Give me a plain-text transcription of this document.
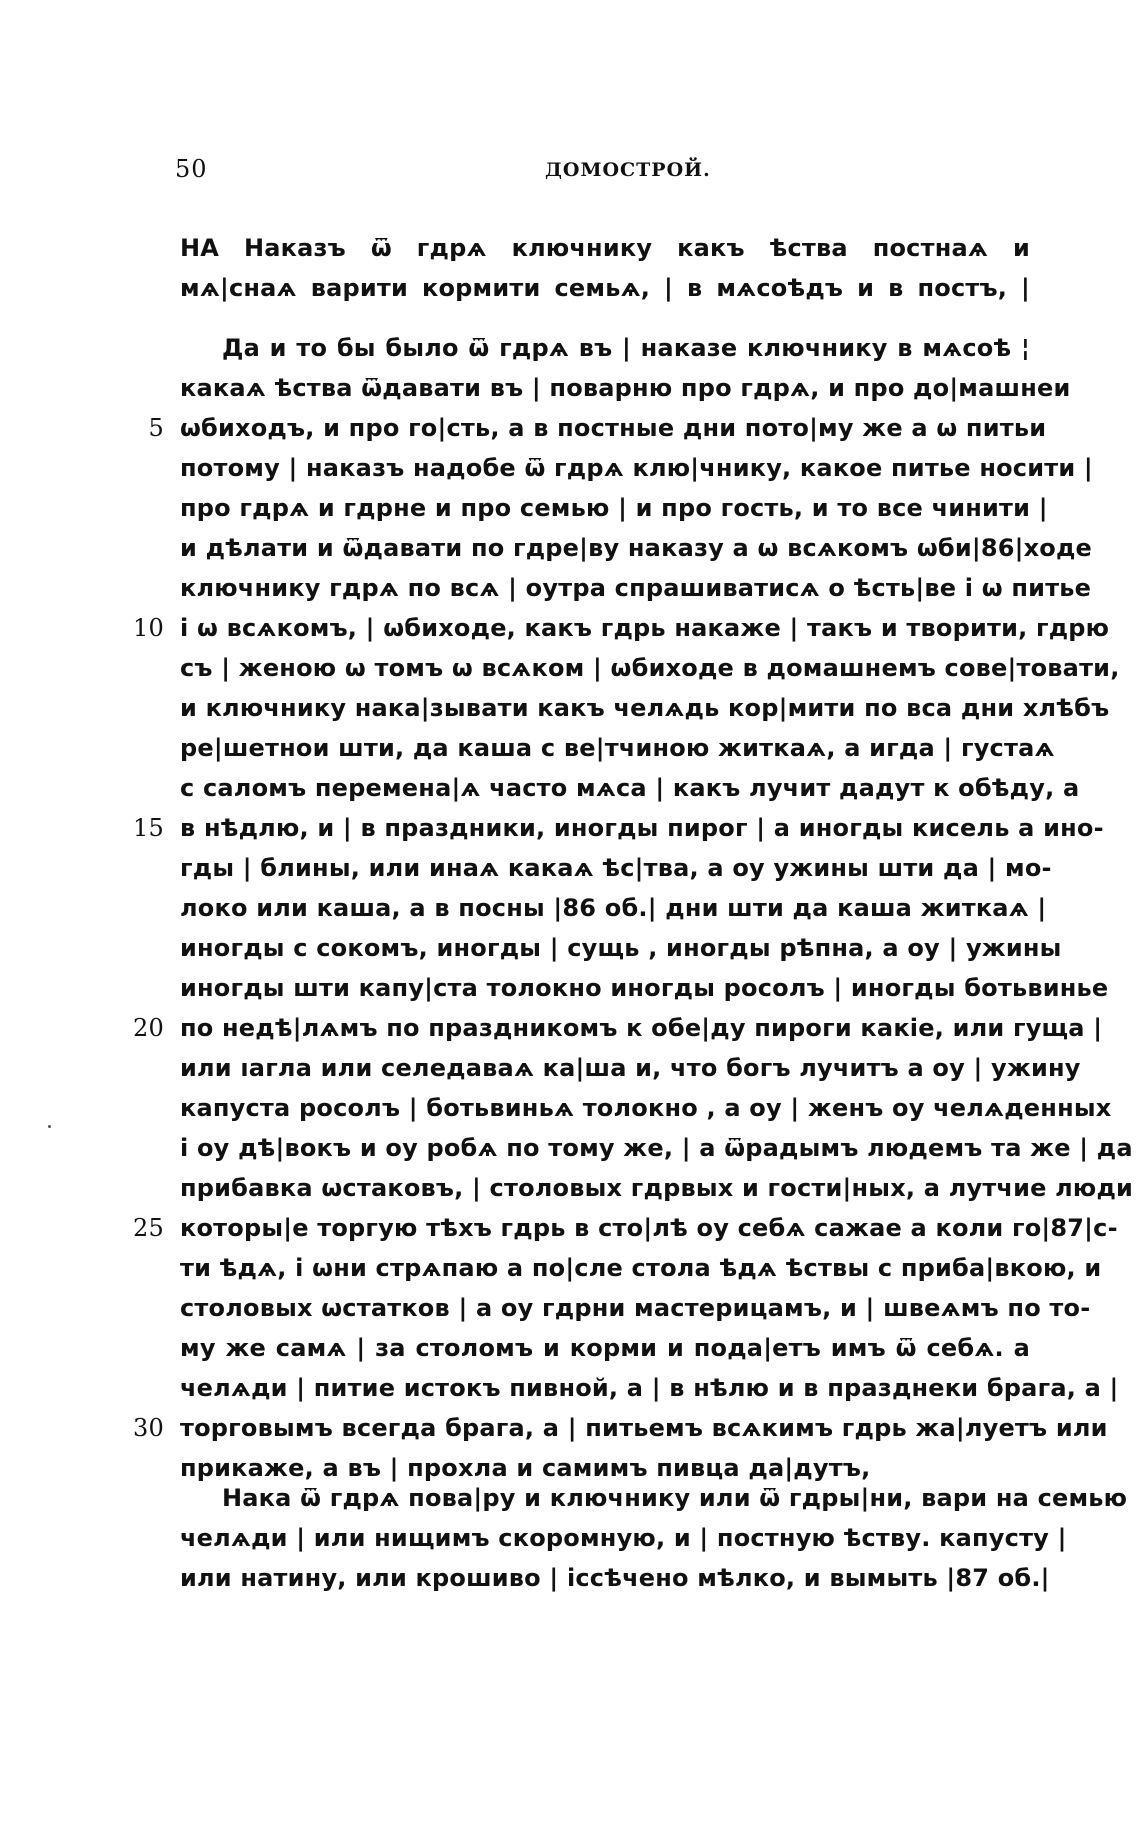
50	ДОМОСТРОЙ.
НА Наказъ ѿ гдрѧ ключнику какъ ѣства постнаѧ и
мѧ|снаѧ варити кормити семьѧ, | в мѧсоѣдъ и в постъ, |
Да и то бы было ѿ гдрѧ въ | наказе ключнику в мѧсоѣ ¦
какаѧ ѣства ѿдавати въ | поварню про гдрѧ, и про до|машнеи
5 ѡбиходъ, и про го|сть, а в постные дни пото|му же а ѡ питьи
потому | наказъ надобе ѿ гдрѧ клю|чнику, какое питье носити |
про гдрѧ и гдрне и про семью | и про гость, и то все чинити |
и дѣлати и ѿдавати по гдре|ву наказу а ѡ всѧкомъ ѡби|86|ходе
ключнику гдрѧ по всѧ | оутра спрашиватисѧ о ѣсть|ве i ѡ питье
10 i ѡ всѧкомъ, | ѡбиходе, какъ гдрь накаже | такъ и творити, гдрю
съ | женою ѡ томъ ѡ всѧком | ѡбиходе в домашнемъ сове|товати,
и ключнику нака|зывати какъ челѧдь кор|мити по вса дни хлѣбъ
ре|шетнои шти, да каша с ве|тчиною житкаѧ, а игда | густаѧ
с саломъ перемена|ѧ часто мѧса | какъ лучит дадут к обѣду, а
15 в нѣдлю, и | в праздники, иногды пирог | а иногды кисель а ино-
гды | блины, или инаѧ какаѧ ѣс|тва, а оу ужины шти да | мо-
локо или каша, а в посны |86 об.| дни шти да каша житкаѧ |
иногды с сокомъ, иногды | сущь , иногды рѣпна, а оу | ужины
иногды шти капу|ста толокно иногды росолъ | иногды ботьвинье
20 по недѣ|лѧмъ по праздникомъ к обе|ду пироги какіе, или гуща |
или ıагла или селедаваѧ ка|ша и, что богъ лучитъ а оу | ужину
капуста росолъ | ботьвиньѧ толокно , а оу | женъ оу челѧденных
i оу дѣ|вокъ и оу робѧ по тому же, | а ѿрадымъ людемъ та же | да
прибавка ѡстаковъ, | столовых гдрвых и гости|ных, а лутчие люди
25 которы|е торгую тѣхъ гдрь в сто|лѣ оу себѧ сажае а коли го|87|с-
ти ѣдѧ, i ѡни стрѧпаю а по|сле стола ѣдѧ ѣствы с приба|вкою, и
столовых ѡстатков | а оу гдрни мастерицамъ, и | швеѧмъ по то-
му же самѧ | за столомъ и корми и пода|етъ имъ ѿ себѧ. а
челѧди | питие истокъ пивной, а | в нѣлю и в празднеки брага, а |
30 торговымъ всегда брага, а | питьемъ всѧкимъ гдрь жа|луетъ или
прикаже, а въ | прохла и самимъ пивца да|дутъ,
Нака ѿ гдрѧ пова|ру и ключнику или ѿ гдры|ни, вари на семью
челѧди | или нищимъ скоромную, и | постную ѣству. капусту |
или натину, или крошиво | iссѣчено мѣлко, и вымыть |87 об.|
